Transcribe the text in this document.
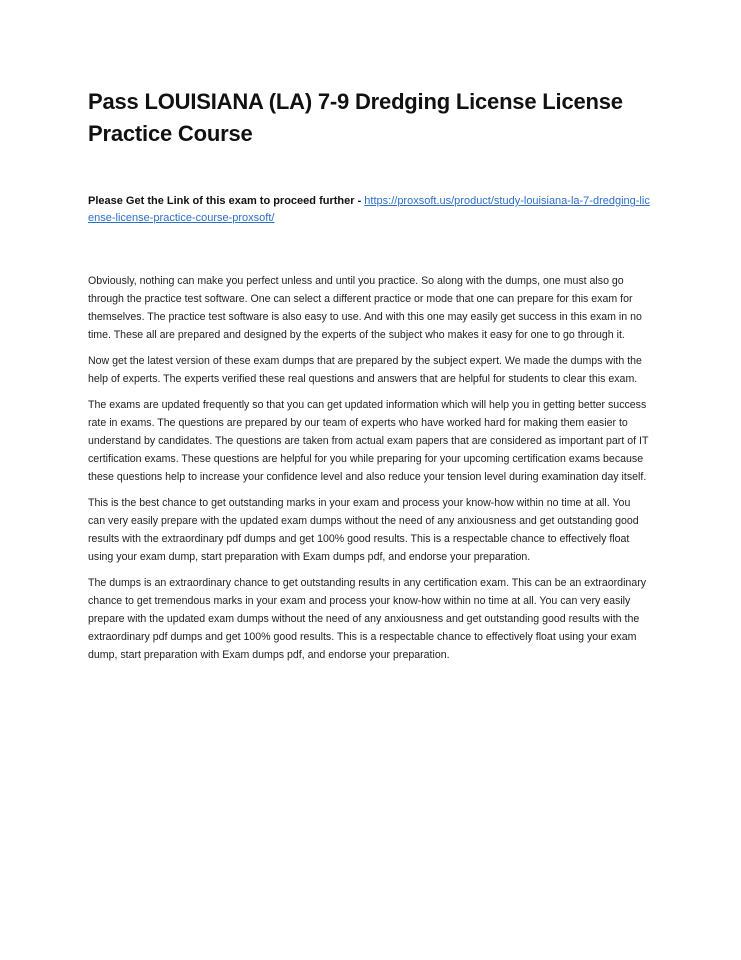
Pass LOUISIANA (LA) 7-9 Dredging License License Practice Course
Please Get the Link of this exam to proceed further - https://proxsoft.us/product/study-louisiana-la-7-dredging-license-license-practice-course-proxsoft/

Obviously, nothing can make you perfect unless and until you practice. So along with the dumps, one must also go through the practice test software. One can select a different practice or mode that one can prepare for this exam for themselves. The practice test software is also easy to use. And with this one may easily get success in this exam in no time. These all are prepared and designed by the experts of the subject who makes it easy for one to go through it.

Now get the latest version of these exam dumps that are prepared by the subject expert. We made the dumps with the help of experts. The experts verified these real questions and answers that are helpful for students to clear this exam.

The exams are updated frequently so that you can get updated information which will help you in getting better success rate in exams. The questions are prepared by our team of experts who have worked hard for making them easier to understand by candidates. The questions are taken from actual exam papers that are considered as important part of IT certification exams. These questions are helpful for you while preparing for your upcoming certification exams because these questions help to increase your confidence level and also reduce your tension level during examination day itself.

This is the best chance to get outstanding marks in your exam and process your know-how within no time at all. You can very easily prepare with the updated exam dumps without the need of any anxiousness and get outstanding good results with the extraordinary pdf dumps and get 100% good results. This is a respectable chance to effectively float using your exam dump, start preparation with Exam dumps pdf, and endorse your preparation.

The dumps is an extraordinary chance to get outstanding results in any certification exam. This can be an extraordinary chance to get tremendous marks in your exam and process your know-how within no time at all. You can very easily prepare with the updated exam dumps without the need of any anxiousness and get outstanding good results with the extraordinary pdf dumps and get 100% good results. This is a respectable chance to effectively float using your exam dump, start preparation with Exam dumps pdf, and endorse your preparation.
